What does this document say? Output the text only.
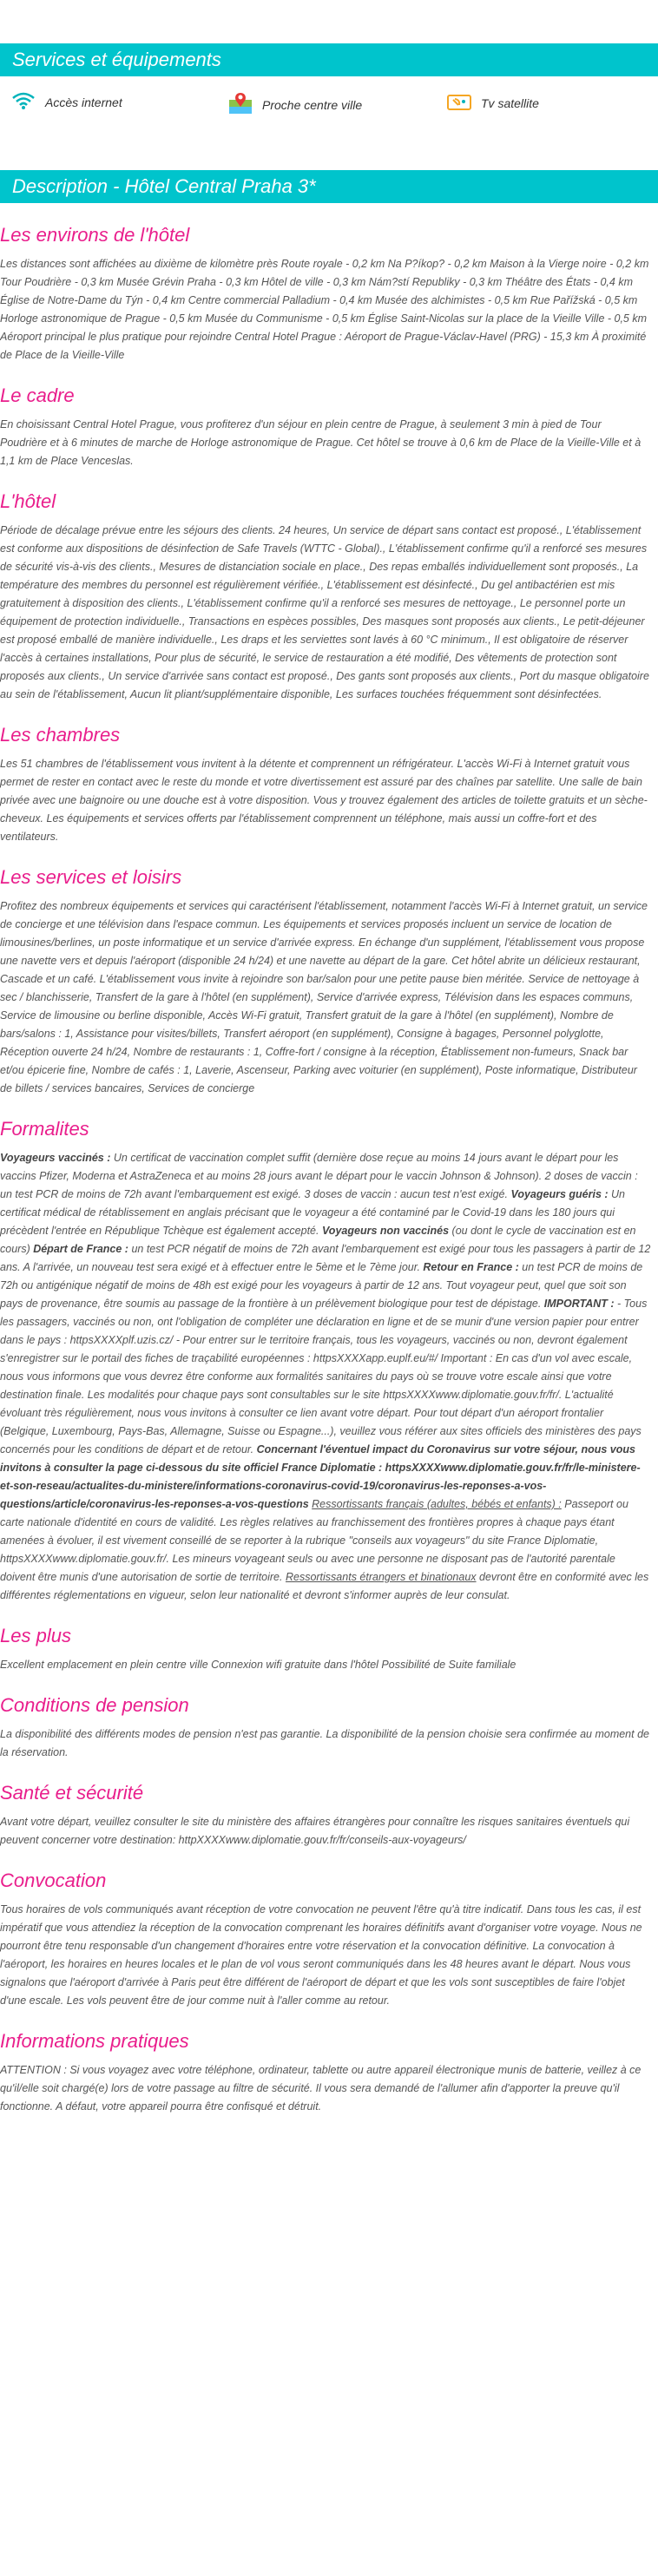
Services et équipements
Accès internet	Proche centre ville	Tv satellite
Description - Hôtel Central Praha 3*
Les environs de l'hôtel

Les distances sont affichées au dixième de kilomètre près Route royale - 0,2 km Na P?íkop? - 0,2 km Maison à la Vierge noire - 0,2 km Tour Poudrière - 0,3 km Musée Grévin Praha - 0,3 km Hôtel de ville - 0,3 km Nám?stí Republiky - 0,3 km Théâtre des États - 0,4 km Église de Notre-Dame du Týn - 0,4 km Centre commercial Palladium - 0,4 km Musée des alchimistes - 0,5 km Rue Pařížská - 0,5 km Horloge astronomique de Prague - 0,5 km Musée du Communisme - 0,5 km Église Saint-Nicolas sur la place de la Vieille Ville - 0,5 km Aéroport principal le plus pratique pour rejoindre Central Hotel Prague : Aéroport de Prague-Václav-Havel (PRG) - 15,3 km À proximité de Place de la Vieille-Ville

Le cadre

En choisissant Central Hotel Prague, vous profiterez d'un séjour en plein centre de Prague, à seulement 3 min à pied de Tour Poudrière et à 6 minutes de marche de Horloge astronomique de Prague. Cet hôtel se trouve à 0,6 km de Place de la Vieille-Ville et à 1,1 km de Place Venceslas.

L'hôtel

Période de décalage prévue entre les séjours des clients. 24 heures, Un service de départ sans contact est proposé., L'établissement est conforme aux dispositions de désinfection de Safe Travels (WTTC - Global)., L'établissement confirme qu'il a renforcé ses mesures de sécurité vis-à-vis des clients., Mesures de distanciation sociale en place., Des repas emballés individuellement sont proposés., La température des membres du personnel est régulièrement vérifiée., L'établissement est désinfecté., Du gel antibactérien est mis gratuitement à disposition des clients., L'établissement confirme qu'il a renforcé ses mesures de nettoyage., Le personnel porte un équipement de protection individuelle., Transactions en espèces possibles, Des masques sont proposés aux clients., Le petit-déjeuner est proposé emballé de manière individuelle., Les draps et les serviettes sont lavés à 60 °C minimum., Il est obligatoire de réserver l'accès à certaines installations, Pour plus de sécurité, le service de restauration a été modifié, Des vêtements de protection sont proposés aux clients., Un service d'arrivée sans contact est proposé., Des gants sont proposés aux clients., Port du masque obligatoire au sein de l'établissement, Aucun lit pliant/supplémentaire disponible, Les surfaces touchées fréquemment sont désinfectées.

Les chambres

Les 51 chambres de l'établissement vous invitent à la détente et comprennent un réfrigérateur. L'accès Wi-Fi à Internet gratuit vous permet de rester en contact avec le reste du monde et votre divertissement est assuré par des chaînes par satellite. Une salle de bain privée avec une baignoire ou une douche est à votre disposition. Vous y trouvez également des articles de toilette gratuits et un sèche-cheveux. Les équipements et services offerts par l'établissement comprennent un téléphone, mais aussi un coffre-fort et des ventilateurs.

Les services et loisirs

Profitez des nombreux équipements et services qui caractérisent l'établissement, notamment l'accès Wi-Fi à Internet gratuit, un service de concierge et une télévision dans l'espace commun. Les équipements et services proposés incluent un service de location de limousines/berlines, un poste informatique et un service d'arrivée express. En échange d'un supplément, l'établissement vous propose une navette vers et depuis l'aéroport (disponible 24 h/24) et une navette au départ de la gare. Cet hôtel abrite un délicieux restaurant, Cascade et un café. L'établissement vous invite à rejoindre son bar/salon pour une petite pause bien méritée. Service de nettoyage à sec / blanchisserie, Transfert de la gare à l'hôtel (en supplément), Service d'arrivée express, Télévision dans les espaces communs, Service de limousine ou berline disponible, Accès Wi-Fi gratuit, Transfert gratuit de la gare à l'hôtel (en supplément), Nombre de bars/salons : 1, Assistance pour visites/billets, Transfert aéroport (en supplément), Consigne à bagages, Personnel polyglotte, Réception ouverte 24 h/24, Nombre de restaurants : 1, Coffre-fort / consigne à la réception, Établissement non-fumeurs, Snack bar et/ou épicerie fine, Nombre de cafés : 1, Laverie, Ascenseur, Parking avec voiturier (en supplément), Poste informatique, Distributeur de billets / services bancaires, Services de concierge

Formalites

Voyageurs vaccinés : Un certificat de vaccination complet suffit (dernière dose reçue au moins 14 jours avant le départ pour les vaccins Pfizer, Moderna et AstraZeneca et au moins 28 jours avant le départ pour le vaccin Johnson & Johnson). 2 doses de vaccin : un test PCR de moins de 72h avant l'embarquement est exigé. 3 doses de vaccin : aucun test n'est exigé. Voyageurs guéris : Un certificat médical de rétablissement en anglais précisant que le voyageur a été contaminé par le Covid-19 dans les 180 jours qui précèdent l'entrée en République Tchèque est également accepté. Voyageurs non vaccinés (ou dont le cycle de vaccination est en cours) Départ de France : un test PCR négatif de moins de 72h avant l'embarquement est exigé pour tous les passagers à partir de 12 ans. A l'arrivée, un nouveau test sera exigé et à effectuer entre le 5ème et le 7ème jour. Retour en France : un test PCR de moins de 72h ou antigénique négatif de moins de 48h est exigé pour les voyageurs à partir de 12 ans. Tout voyageur peut, quel que soit son pays de provenance, être soumis au passage de la frontière à un prélèvement biologique pour test de dépistage. IMPORTANT : - Tous les passagers, vaccinés ou non, ont l'obligation de compléter une déclaration en ligne et de se munir d'une version papier pour entrer dans le pays : httpsXXXXplf.uzis.cz/ - Pour entrer sur le territoire français, tous les voyageurs, vaccinés ou non, devront également s'enregistrer sur le portail des fiches de traçabilité européennes : httpsXXXXapp.euplf.eu/#/ Important : En cas d'un vol avec escale, nous vous informons que vous devrez être conforme aux formalités sanitaires du pays où se trouve votre escale ainsi que votre destination finale. Les modalités pour chaque pays sont consultables sur le site httpsXXXXwww.diplomatie.gouv.fr/fr/. L'actualité évoluant très régulièrement, nous vous invitons à consulter ce lien avant votre départ. Pour tout départ d'un aéroport frontalier (Belgique, Luxembourg, Pays-Bas, Allemagne, Suisse ou Espagne...), veuillez vous référer aux sites officiels des ministères des pays concernés pour les conditions de départ et de retour. Concernant l'éventuel impact du Coronavirus sur votre séjour, nous vous invitons à consulter la page ci-dessous du site officiel France Diplomatie : httpsXXXXwww.diplomatie.gouv.fr/fr/le-ministere-et-son-reseau/actualites-du-ministere/informations-coronavirus-covid-19/coronavirus-les-reponses-a-vos-questions/article/coronavirus-les-reponses-a-vos-questions Ressortissants français (adultes, bébés et enfants) : Passeport ou carte nationale d'identité en cours de validité. Les règles relatives au franchissement des frontières propres à chaque pays étant amenées à évoluer, il est vivement conseillé de se reporter à la rubrique "conseils aux voyageurs" du site France Diplomatie, httpsXXXXwww.diplomatie.gouv.fr/. Les mineurs voyageant seuls ou avec une personne ne disposant pas de l'autorité parentale doivent être munis d'une autorisation de sortie de territoire. Ressortissants étrangers et binationaux devront être en conformité avec les différentes réglementations en vigueur, selon leur nationalité et devront s'informer auprès de leur consulat.

Les plus

Excellent emplacement en plein centre ville Connexion wifi gratuite dans l'hôtel Possibilité de Suite familiale

Conditions de pension

La disponibilité des différents modes de pension n'est pas garantie. La disponibilité de la pension choisie sera confirmée au moment de la réservation.

Santé et sécurité

Avant votre départ, veuillez consulter le site du ministère des affaires étrangères pour connaître les risques sanitaires éventuels qui peuvent concerner votre destination: httpXXXXwww.diplomatie.gouv.fr/fr/conseils-aux-voyageurs/

Convocation

Tous horaires de vols communiqués avant réception de votre convocation ne peuvent l'être qu'à titre indicatif. Dans tous les cas, il est impératif que vous attendiez la réception de la convocation comprenant les horaires définitifs avant d'organiser votre voyage. Nous ne pourront être tenu responsable d'un changement d'horaires entre votre réservation et la convocation définitive. La convocation à l'aéroport, les horaires en heures locales et le plan de vol vous seront communiqués dans les 48 heures avant le départ. Nous vous signalons que l'aéroport d'arrivée à Paris peut être différent de l'aéroport de départ et que les vols sont susceptibles de faire l'objet d'une escale. Les vols peuvent être de jour comme nuit à l'aller comme au retour.

Informations pratiques

ATTENTION : Si vous voyagez avec votre téléphone, ordinateur, tablette ou autre appareil électronique munis de batterie, veillez à ce qu'il/elle soit chargé(e) lors de votre passage au filtre de sécurité. Il vous sera demandé de l'allumer afin d'apporter la preuve qu'il fonctionne. A défaut, votre appareil pourra être confisqué et détruit.
